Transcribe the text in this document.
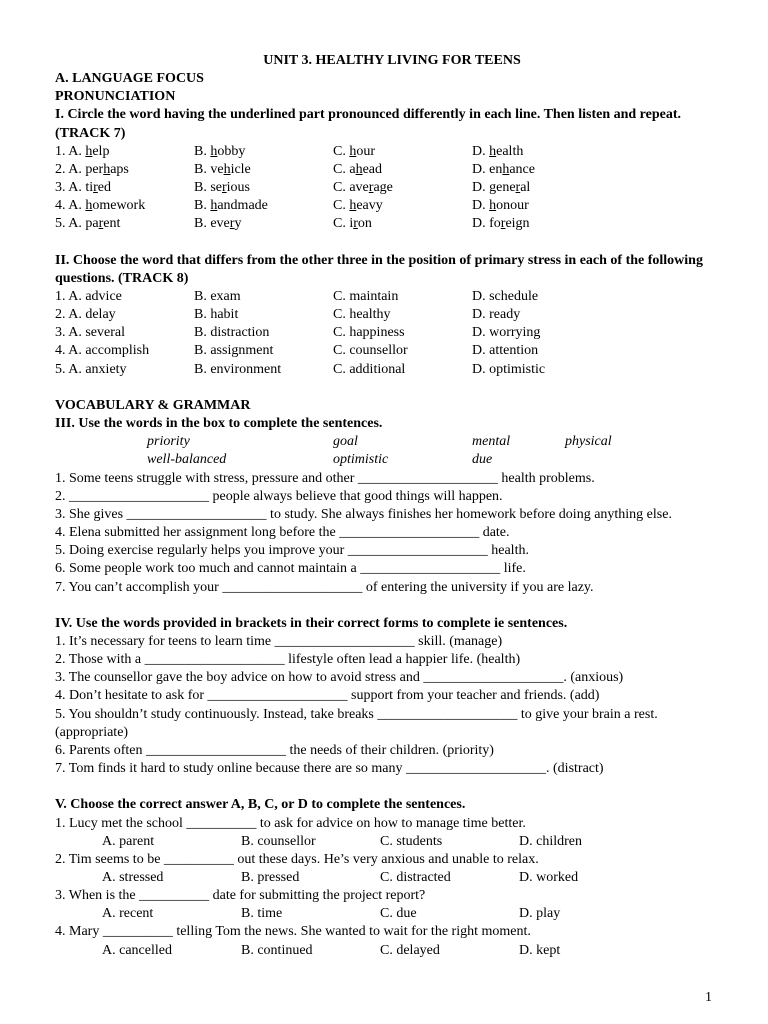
UNIT 3. HEALTHY LIVING FOR TEENS
A. LANGUAGE FOCUS
PRONUNCIATION
I. Circle the word having the underlined part pronounced differently in each line. Then listen and repeat. (TRACK 7)
1. A. help	B. hobby	C. hour	D. health
2. A. perhaps	B. vehicle	C. ahead	D. enhance
3. A. tired	B. serious	C. average	D. general
4. A. homework	B. handmade	C. heavy	D. honour
5. A. parent	B. every	C. iron	D. foreign
II. Choose the word that differs from the other three in the position of primary stress in each of the following questions. (TRACK 8)
1. A. advice	B. exam	C. maintain	D. schedule
2. A. delay	B. habit	C. healthy	D. ready
3. A. several	B. distraction	C. happiness	D. worrying
4. A. accomplish	B. assignment	C. counsellor	D. attention
5. A. anxiety	B. environment	C. additional	D. optimistic
VOCABULARY & GRAMMAR
III. Use the words in the box to complete the sentences.
priority	goal	mental	physical
well-balanced	optimistic	due
1. Some teens struggle with stress, pressure and other ____________________ health problems.
2. ____________________ people always believe that good things will happen.
3. She gives ____________________ to study. She always finishes her homework before doing anything else.
4. Elena submitted her assignment long before the ____________________ date.
5. Doing exercise regularly helps you improve your ____________________ health.
6. Some people work too much and cannot maintain a ____________________ life.
7. You can’t accomplish your ____________________ of entering the university if you are lazy.
IV. Use the words provided in brackets in their correct forms to complete ie sentences.
1. It’s necessary for teens to learn time ____________________ skill. (manage)
2. Those with a ____________________ lifestyle often lead a happier life. (health)
3. The counsellor gave the boy advice on how to avoid stress and ____________________. (anxious)
4. Don’t hesitate to ask for ____________________ support from your teacher and friends. (add)
5. You shouldn’t study continuously. Instead, take breaks ____________________ to give your brain a rest. (appropriate)
6. Parents often ____________________ the needs of their children. (priority)
7. Tom finds it hard to study online because there are so many ____________________. (distract)
V. Choose the correct answer A, B, C, or D to complete the sentences.
1. Lucy met the school __________ to ask for advice on how to manage time better.
A. parent	B. counsellor	C. students	D. children
2. Tim seems to be __________ out these days. He’s very anxious and unable to relax.
A. stressed	B. pressed	C. distracted	D. worked
3. When is the __________ date for submitting the project report?
A. recent	B. time	C. due	D. play
4. Mary __________ telling Tom the news. She wanted to wait for the right moment.
A. cancelled	B. continued	C. delayed	D. kept
1
